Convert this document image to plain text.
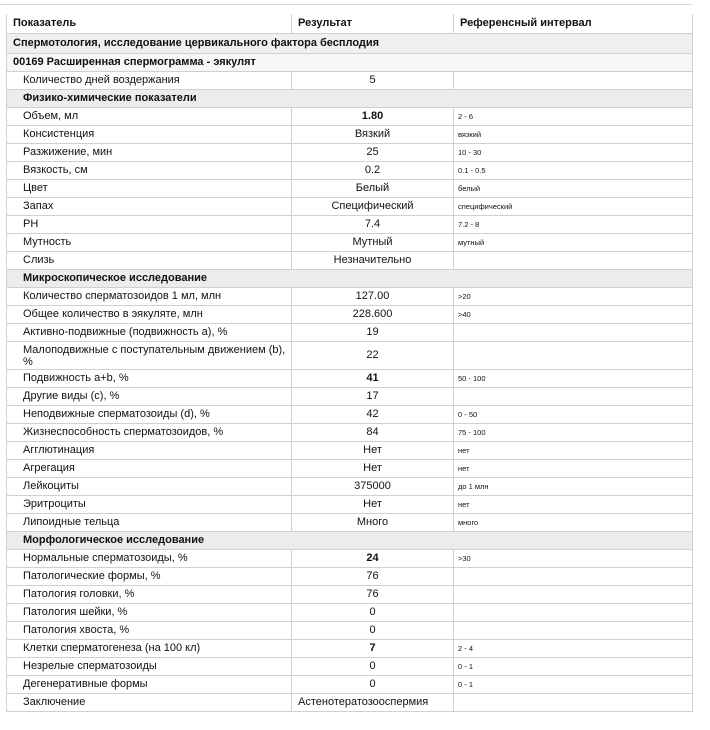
Показатель	Результат	Референсный интервал
Спермотология, исследование цервикального фактора бесплодия		
00169 Расширенная спермограмма - эякулят		
Количество дней воздержания	5	
Физико-химические показатели		
Объем, мл	1.80	2 - 6
Консистенция	Вязкий	вязкий
Разжижение, мин	25	10 - 30
Вязкость, см	0.2	0.1 - 0.5
Цвет	Белый	белый
Запах	Специфический	специфический
PH	7.4	7.2 - 8
Мутность	Мутный	мутный
Слизь	Незначительно	
Микроскопическое исследование		
Количество сперматозоидов 1 мл, млн	127.00	>20
Общее количество в эякуляте, млн	228.600	>40
Активно-подвижные (подвижность а), %	19	
Малоподвижные с поступательным движением (b), %	22	
Подвижность a+b, %	41	50 - 100
Другие виды (с), %	17	
Неподвижные сперматозоиды (d), %	42	0 - 50
Жизнеспособность сперматозоидов, %	84	75 - 100
Агглютинация	Нет	нет
Агрегация	Нет	нет
Лейкоциты	375000	до 1 млн
Эритроциты	Нет	нет
Липоидные тельца	Много	много
Морфологическое исследование		
Нормальные сперматозоиды, %	24	>30
Патологические формы, %	76	
Патология головки, %	76	
Патология шейки, %	0	
Патология хвоста, %	0	
Клетки сперматогенеза (на 100 кл)	7	2 - 4
Незрелые сперматозоиды	0	0 - 1
Дегенеративные формы	0	0 - 1
Заключение	Астенотератозооспермия	
